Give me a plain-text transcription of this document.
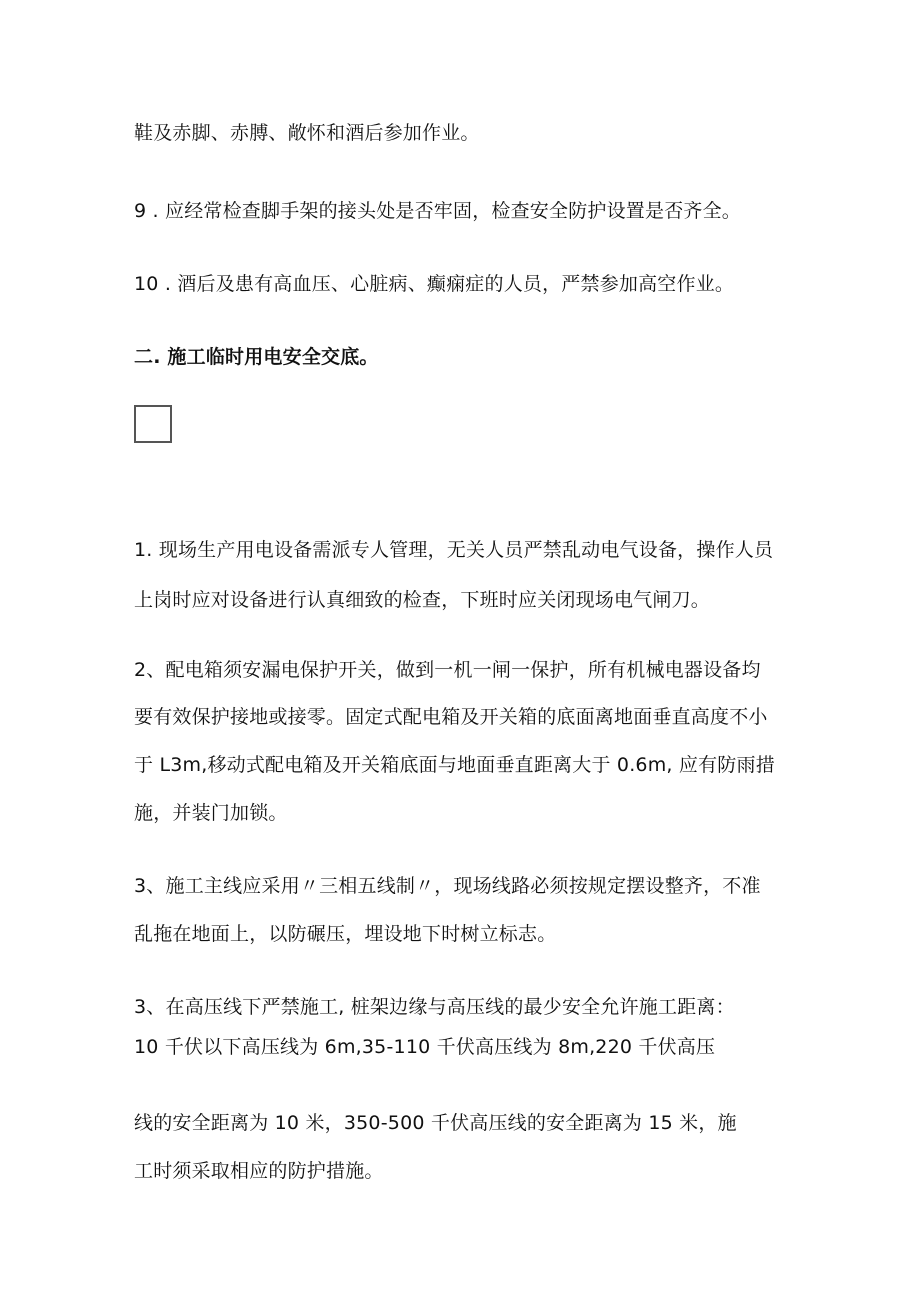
鞋及赤脚、赤膊、敞怀和酒后参加作业。
9 . 应经常检查脚手架的接头处是否牢固，检查安全防护设置是否齐全。
10 . 酒后及患有高血压、心脏病、癫痫症的人员，严禁参加高空作业。
二. 施工临时用电安全交底。
1. 现场生产用电设备需派专人管理，无关人员严禁乱动电气设备，操作人员
上岗时应对设备进行认真细致的检查，下班时应关闭现场电气闸刀。
2、配电箱须安漏电保护开关，做到一机一闸一保护，所有机械电器设备均
要有效保护接地或接零。固定式配电箱及开关箱的底面离地面垂直高度不小
于 L3m,移动式配电箱及开关箱底面与地面垂直距离大于 0.6m, 应有防雨措
施，并装门加锁。
3、施工主线应采用〃三相五线制〃，现场线路必须按规定摆设整齐，不准
乱拖在地面上，以防碾压，埋设地下时树立标志。
3、在高压线下严禁施工, 桩架边缘与高压线的最少安全允许施工距离：
10 千伏以下高压线为 6m,35-110 千伏高压线为 8m,220 千伏高压
线的安全距离为 10 米，350-500 千伏高压线的安全距离为 15 米，施
工时须采取相应的防护措施。
